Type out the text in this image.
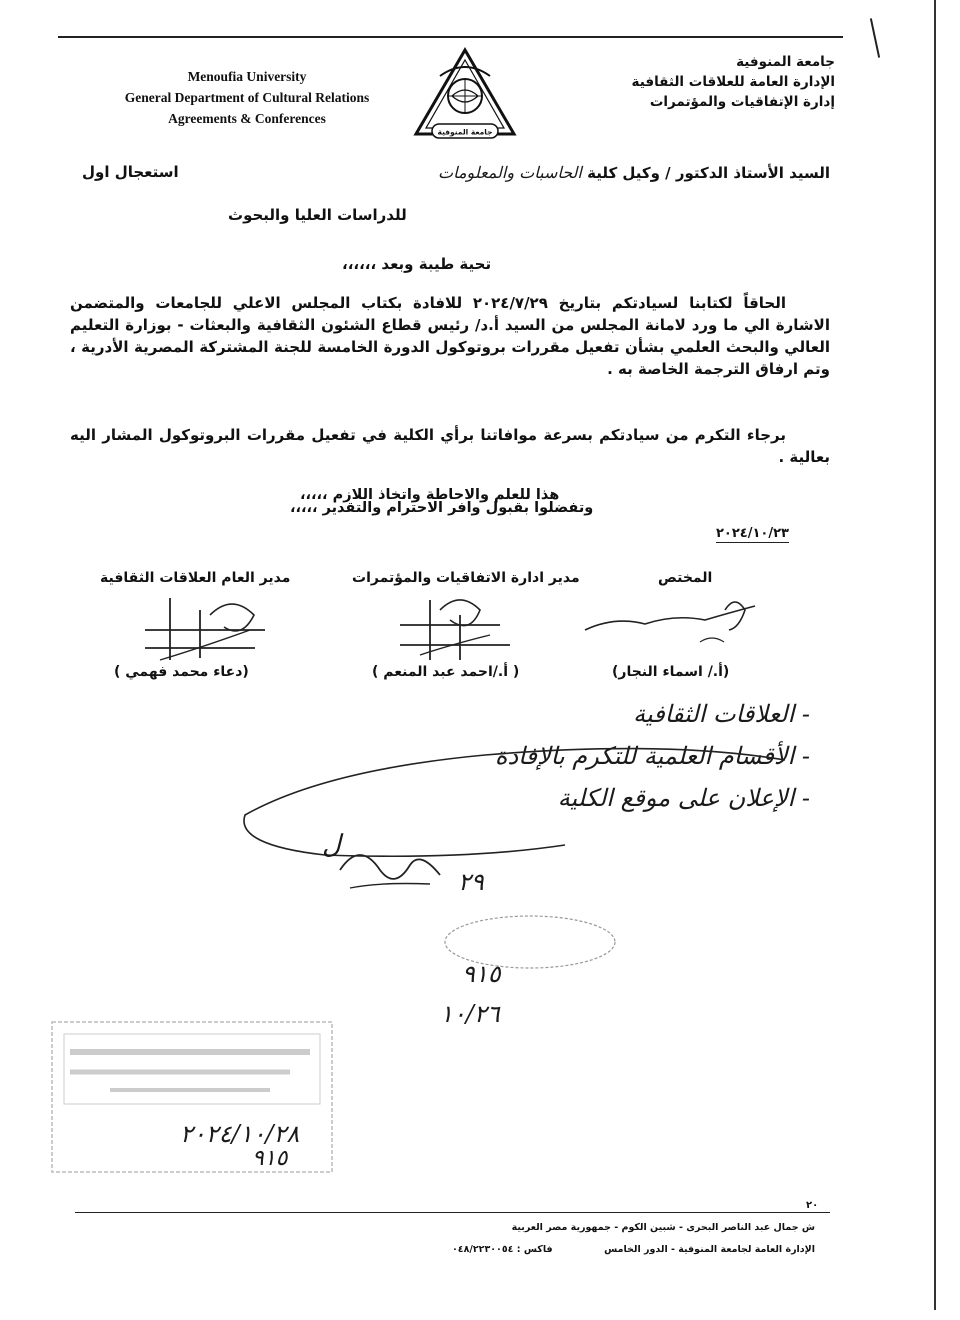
Menoufia University
General Department of Cultural Relations
Agreements & Conferences
جامعة المنوفية
جامعة المنوفية
الإدارة العامة للعلاقات الثقافية
إدارة الإتفاقيات والمؤتمرات
السيد الأستاذ الدكتور / وكيل كلية الحاسبات والمعلومات
استعجال اول
للدراسات العليا والبحوث
تحية طيبة وبعد ،،،،،،
الحاقاً لكتابنا لسيادتكم بتاريخ ٢٠٢٤/٧/٢٩ للافادة بكتاب المجلس الاعلي للجامعات والمتضمن الاشارة الي ما ورد لامانة المجلس من السيد أ.د/ رئيس قطاع الشئون الثقافية والبعثات - بوزارة التعليم العالي والبحث العلمي بشأن تفعيل مقررات بروتوكول الدورة الخامسة للجنة المشتركة المصرية الأدرية ، وتم ارفاق الترجمة الخاصة به .
برجاء التكرم من سيادتكم بسرعة موافاتنا برأي الكلية في تفعيل مقررات البروتوكول المشار اليه بعالية .
هذا للعلم والاحاطة واتخاذ اللازم ،،،،،
وتفضلوا بقبول وافر الاحترام والتقدير ،،،،،
٢٠٢٤/١٠/٢٣
المختص
مدير ادارة الاتفاقيات والمؤتمرات
مدير العام العلاقات الثقافية
(أ./ اسماء النجار)
( أ./احمد عبد المنعم )
(دعاء محمد فهمي )
- العلاقات الثقافية
- الأقسام العلمية للتكرم بالإفادة
- الإعلان على موقع الكلية
ل
٢٩
٩١٥
١٠/٢٦
٢٠٢٤/١٠/٢٨
٩١٥
٢٠
ش جمال عبد الناصر البحرى - شبين الكوم - جمهورية مصر العربية
الإدارة العامة لجامعة المنوفية - الدور الخامس
فاكس : ٠٤٨/٢٢٣٠٠٥٤
